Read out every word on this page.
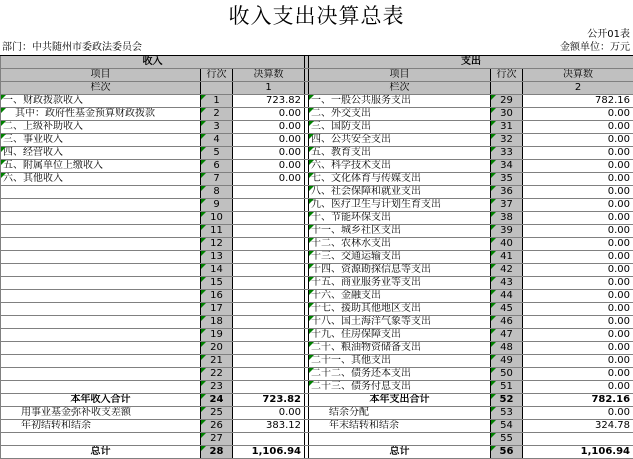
收入支出决算总表
公开01表
部门：中共随州市委政法委员会	金额单位：万元
收入				支出		
项目	行次	决算数		项目	行次	决算数
栏次		1		栏次		2
一、财政拨款收入	1	723.82		一、一般公共服务支出	29	782.16
其中：政府性基金预算财政拨款	2	0.00		二、外交支出	30	0.00
二、上级补助收入	3	0.00		三、国防支出	31	0.00
三、事业收入	4	0.00		四、公共安全支出	32	0.00
四、经营收入	5	0.00		五、教育支出	33	0.00
五、附属单位上缴收入	6	0.00		六、科学技术支出	34	0.00
六、其他收入	7	0.00		七、文化体育与传媒支出	35	0.00
	8			八、社会保障和就业支出	36	0.00
	9			九、医疗卫生与计划生育支出	37	0.00
	10			十、节能环保支出	38	0.00
	11			十一、城乡社区支出	39	0.00
	12			十二、农林水支出	40	0.00
	13			十三、交通运输支出	41	0.00
	14			十四、资源勘探信息等支出	42	0.00
	15			十五、商业服务业等支出	43	0.00
	16			十六、金融支出	44	0.00
	17			十七、援助其他地区支出	45	0.00
	18			十八、国土海洋气象等支出	46	0.00
	19			十九、住房保障支出	47	0.00
	20			二十、粮油物资储备支出	48	0.00
	21			二十一、其他支出	49	0.00
	22			二十二、债务还本支出	50	0.00
	23			二十三、债务付息支出	51	0.00
本年收入合计	24	723.82		本年支出合计	52	782.16
用事业基金弥补收支差额	25	0.00		结余分配	53	0.00
年初结转和结余	26	383.12		年末结转和结余	54	324.78
	27				55	
总计	28	1,106.94		总计	56	1,106.94
